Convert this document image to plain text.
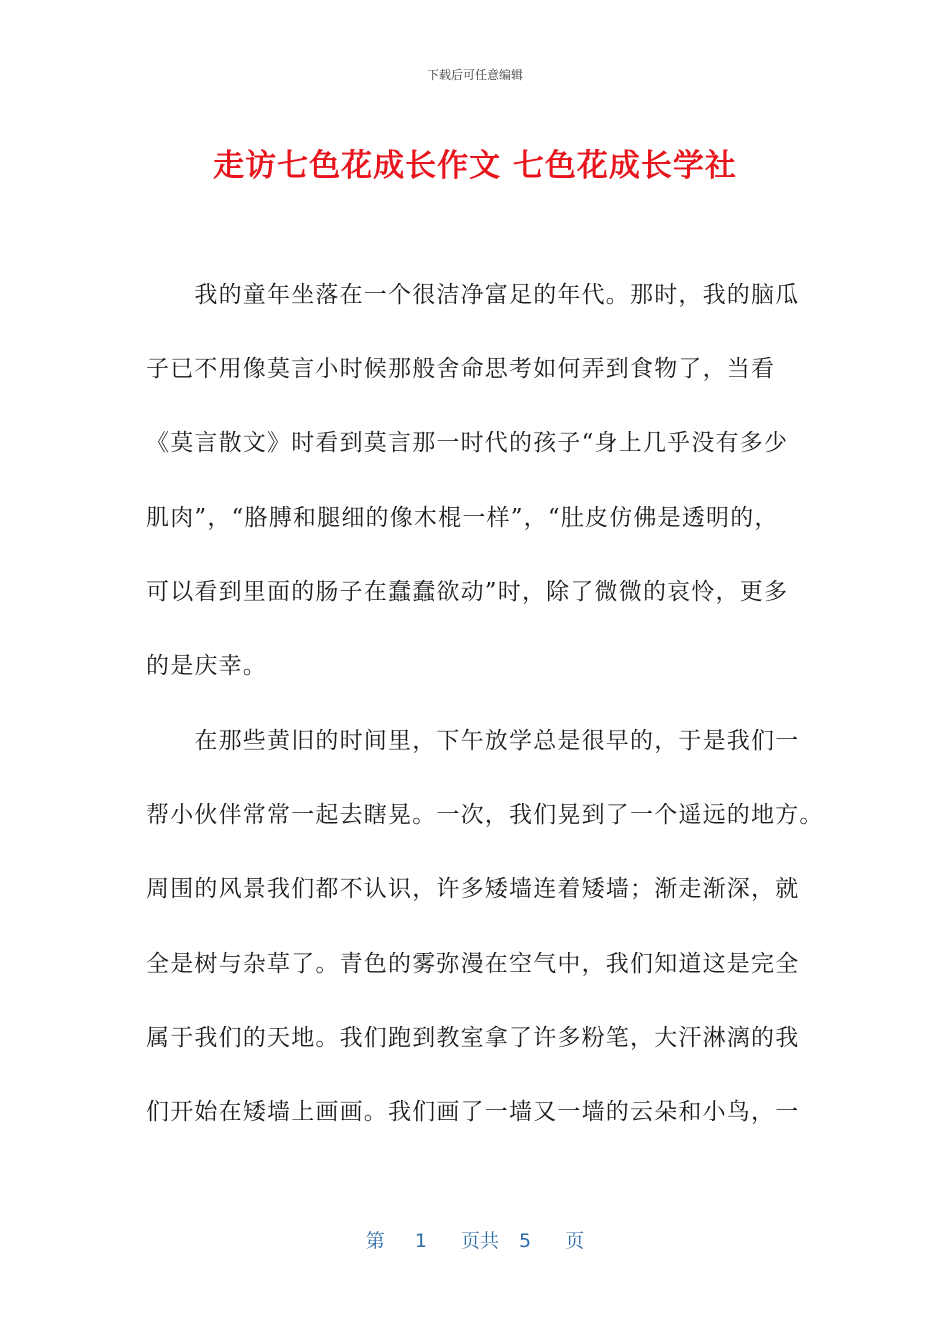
下载后可任意编辑
走访七色花成长作文 七色花成长学社
　　我的童年坐落在一个很洁净富足的年代。那时，我的脑瓜
子已不用像莫言小时候那般舍命思考如何弄到食物了，当看
《莫言散文》时看到莫言那一时代的孩子“身上几乎没有多少
肌肉”，“胳膊和腿细的像木棍一样”，“肚皮仿佛是透明的，
可以看到里面的肠子在蠢蠢欲动”时，除了微微的哀怜，更多
的是庆幸。
　　在那些黄旧的时间里，下午放学总是很早的，于是我们一
帮小伙伴常常一起去瞎晃。一次，我们晃到了一个遥远的地方。
周围的风景我们都不认识，许多矮墙连着矮墙；渐走渐深，就
全是树与杂草了。青色的雾弥漫在空气中，我们知道这是完全
属于我们的天地。我们跑到教室拿了许多粉笔，大汗淋漓的我
们开始在矮墙上画画。我们画了一墙又一墙的云朵和小鸟，一
第 1 页共 5 页
